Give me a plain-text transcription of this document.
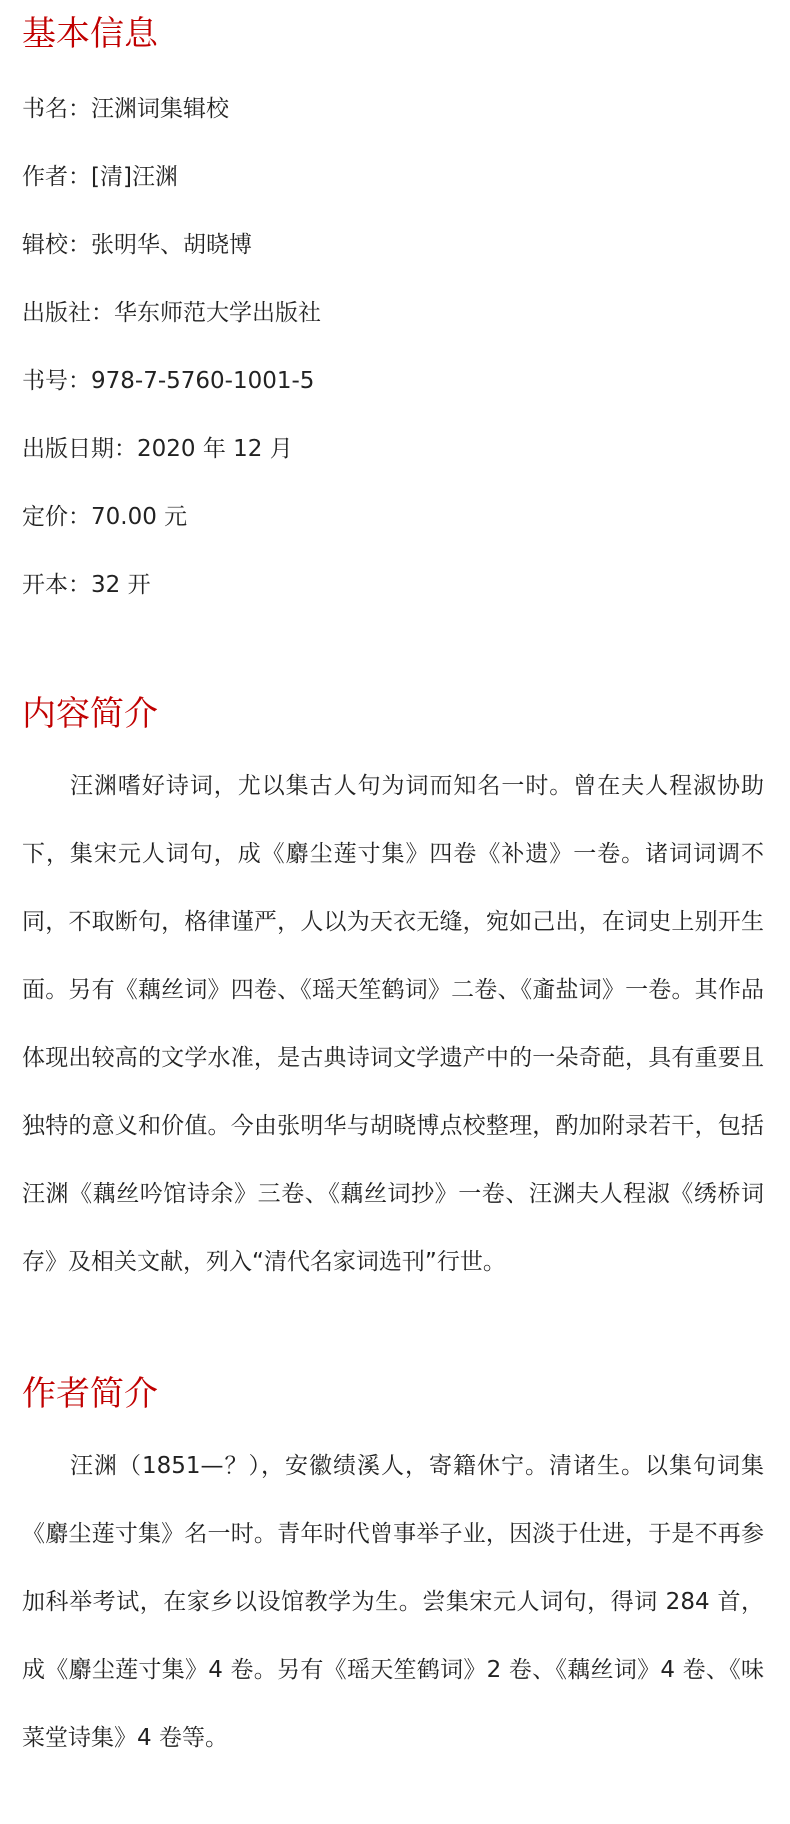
基本信息

书名：汪渊词集辑校

作者：[清]汪渊

辑校：张明华、胡晓博

出版社：华东师范大学出版社

书号：978-7-5760-1001-5

出版日期：2020 年 12 月

定价：70.00 元

开本：32 开

内容简介

汪渊嗜好诗词，尤以集古人句为词而知名一时。曾在夫人程淑协助下，集宋元人词句，成《麝尘莲寸集》四卷《补遗》一卷。诸词词调不同，不取断句，格律谨严，人以为天衣无缝，宛如己出，在词史上别开生面。另有《藕丝词》四卷、《瑶天笙鹤词》二卷、《齑盐词》一卷。其作品体现出较高的文学水准，是古典诗词文学遗产中的一朵奇葩，具有重要且独特的意义和价值。今由张明华与胡晓博点校整理，酌加附录若干，包括汪渊《藕丝吟馆诗余》三卷、《藕丝词抄》一卷、汪渊夫人程淑《绣桥词存》及相关文献，列入“清代名家词选刊”行世。

作者简介

汪渊（1851—？），安徽绩溪人，寄籍休宁。清诸生。以集句词集《麝尘莲寸集》名一时。青年时代曾事举子业，因淡于仕进，于是不再参加科举考试，在家乡以设馆教学为生。尝集宋元人词句，得词 284 首，成《麝尘莲寸集》4 卷。另有《瑶天笙鹤词》2 卷、《藕丝词》4 卷、《味菜堂诗集》4 卷等。
